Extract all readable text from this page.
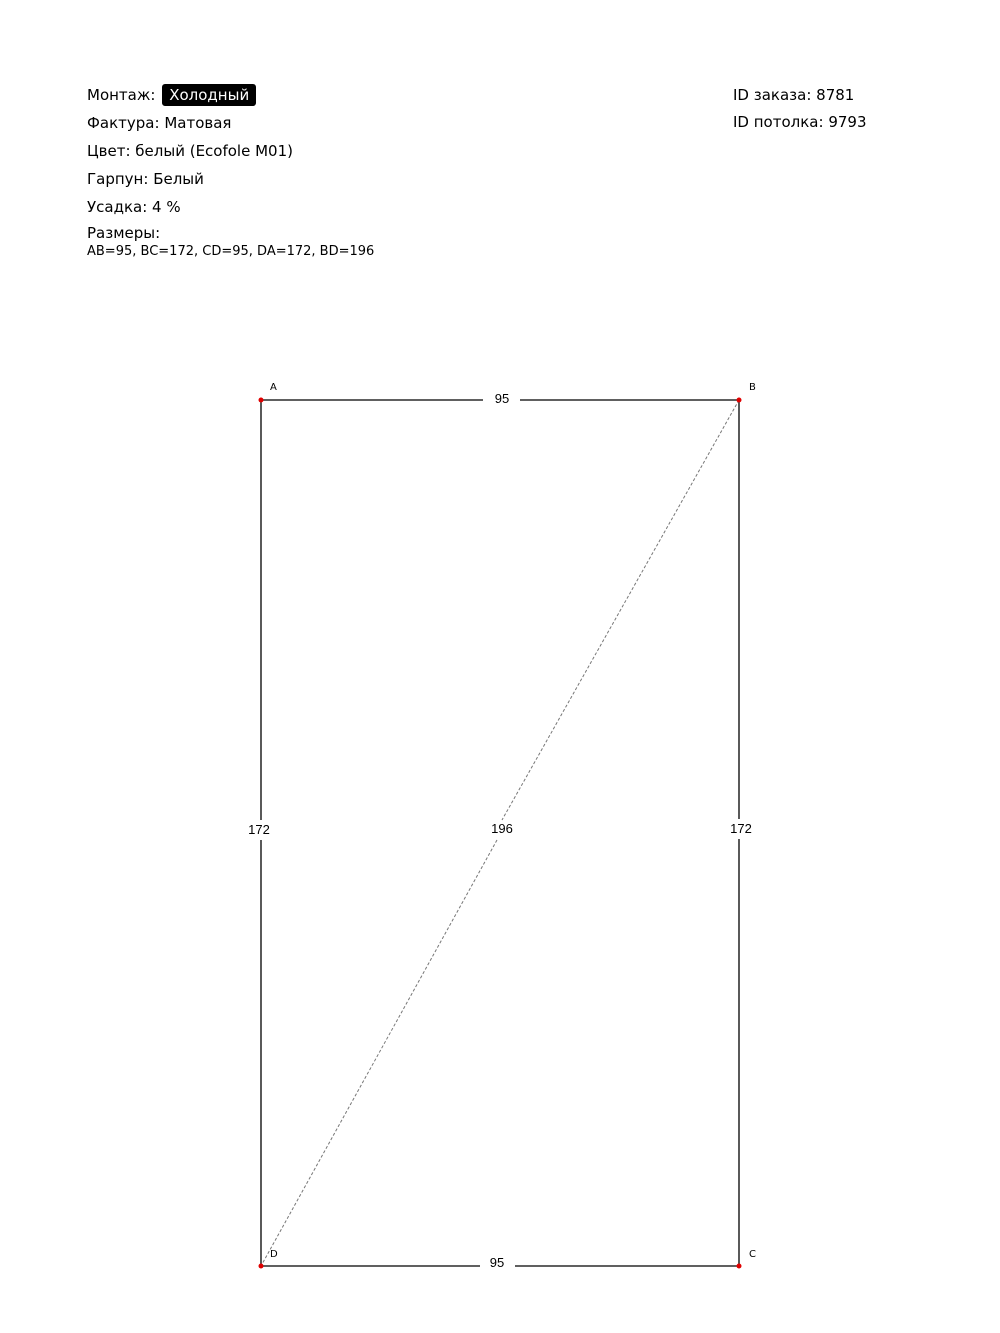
Монтаж: Холодный
Фактура: Матовая
Цвет: белый (Ecofole M01)
Гарпун: Белый
Усадка: 4 %
Размеры:
AB=95, BC=172, CD=95, DA=172, BD=196
ID заказа: 8781
ID потолка: 9793
95
172
95
172	196
A	B
C
D
